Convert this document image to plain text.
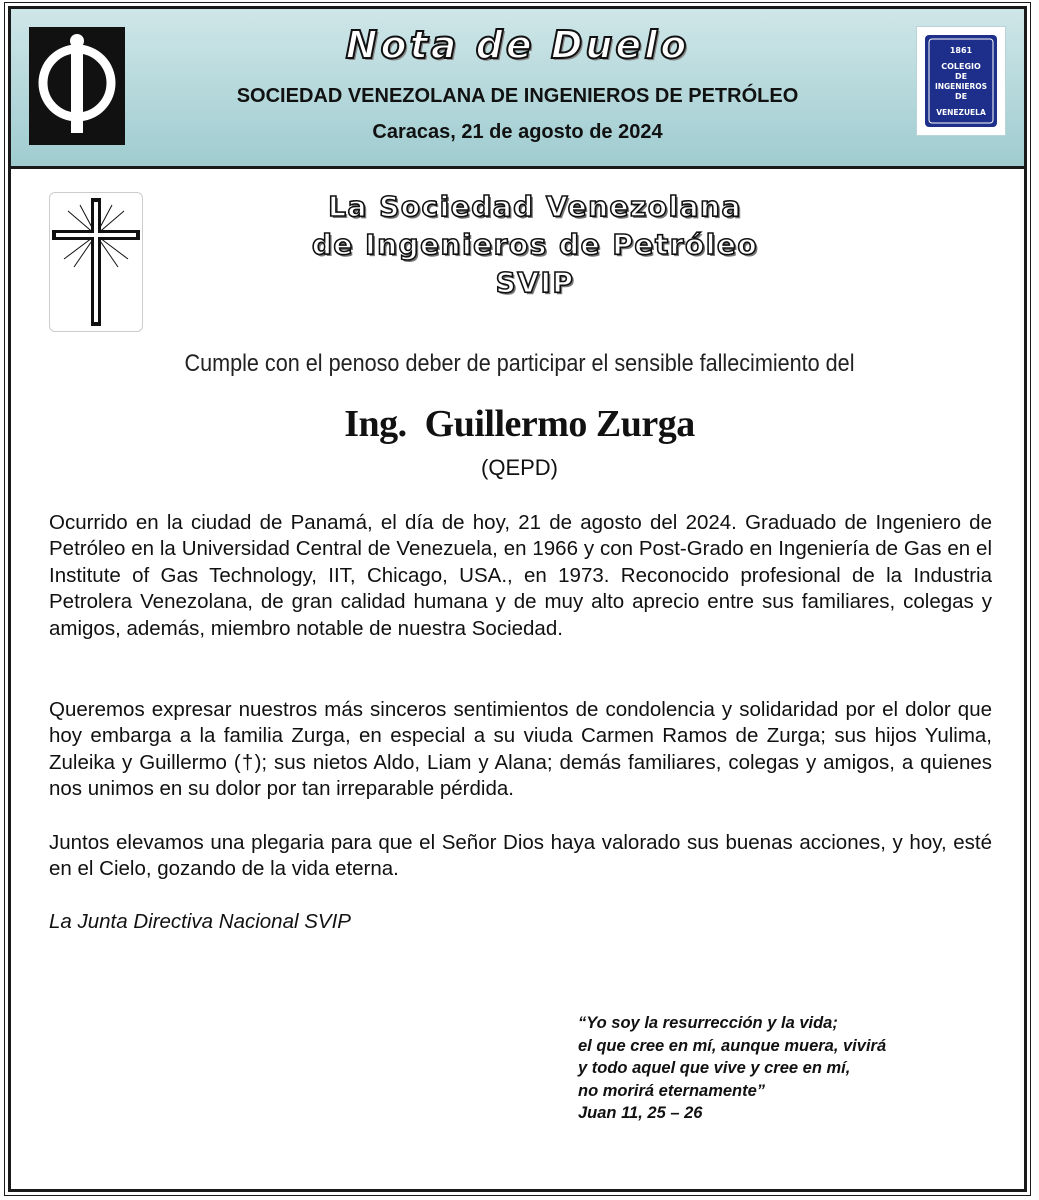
Nota de Duelo

SOCIEDAD VENEZOLANA DE INGENIEROS DE PETRÓLEO

Caracas, 21 de agosto de 2024

1861
COLEGIO
DE
INGENIEROS
DE
VENEZUELA
La Sociedad Venezolana
de Ingenieros de Petróleo
SVIP
Cumple con el penoso deber de participar el sensible fallecimiento del
Ing. Guillermo Zurga
(QEPD)

Ocurrido en la ciudad de Panamá, el día de hoy, 21 de agosto del 2024. Graduado de Ingeniero de Petróleo en la Universidad Central de Venezuela, en 1966 y con Post-Grado en Ingeniería de Gas en el Institute of Gas Technology, IIT, Chicago, USA., en 1973. Reconocido profesional de la Industria Petrolera Venezolana, de gran calidad humana y de muy alto aprecio entre sus familiares, colegas y amigos, además, miembro notable de nuestra Sociedad.

Queremos expresar nuestros más sinceros sentimientos de condolencia y solidaridad por el dolor que hoy embarga a la familia Zurga, en especial a su viuda Carmen Ramos de Zurga; sus hijos Yulima, Zuleika y Guillermo (†); sus nietos Aldo, Liam y Alana; demás familiares, colegas y amigos, a quienes nos unimos en su dolor por tan irreparable pérdida.

Juntos elevamos una plegaria para que el Señor Dios haya valorado sus buenas acciones, y hoy, esté en el Cielo, gozando de la vida eterna.

La Junta Directiva Nacional SVIP
“Yo soy la resurrección y la vida;
el que cree en mí, aunque muera, vivirá
y todo aquel que vive y cree en mí,
no morirá eternamente”
Juan 11, 25 – 26
